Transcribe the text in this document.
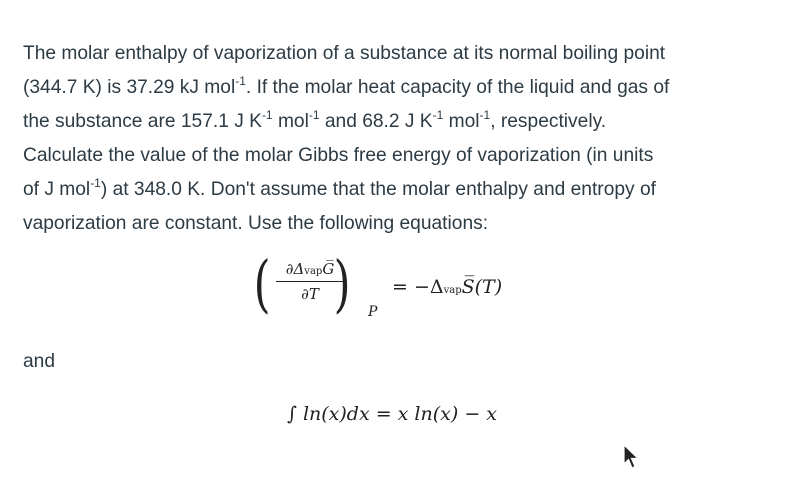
The molar enthalpy of vaporization of a substance at its normal boiling point
(344.7 K) is 37.29 kJ mol$^{-1}$. If the molar heat capacity of the liquid and gas of
the substance are 157.1 J $K^{-1}$ mol$^{-1}$ and 68.2 J $K^{-1}$ mol$^{-1}$, respectively.
Calculate the value of the molar Gibbs free energy of vaporization (in units
of J mol$^{-1}$) at 348.0 K. Don't assume that the molar enthalpy and entropy of
vaporization are constant. Use the following equations:

(	∂ΔvapG̅
∂T ) P
= −ΔvapS̅(T)
and
∫ ln(x)dx = x ln(x) − x
